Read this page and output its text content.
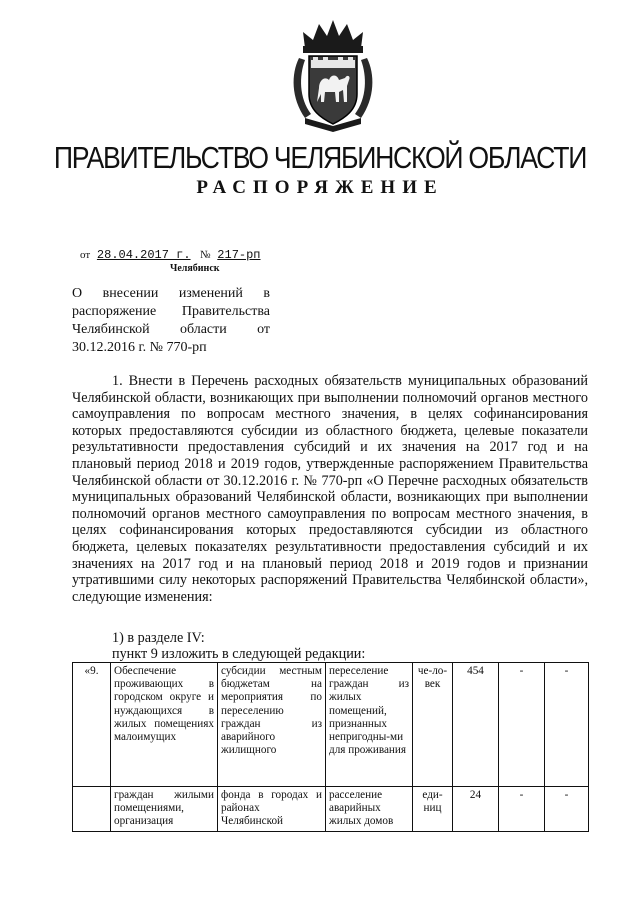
ПРАВИТЕЛЬСТВО ЧЕЛЯБИНСКОЙ ОБЛАСТИ
РАСПОРЯЖЕНИЕ
от 28.04.2017 г. № 217-рп
Челябинск
О внесении изменений в распоряжение Правительства Челябинской области от 30.12.2016 г. № 770-рп

1. Внести в Перечень расходных обязательств муниципальных образований Челябинской области, возникающих при выполнении полномочий органов местного самоуправления по вопросам местного значения, в целях софинансирования которых предоставляются субсидии из областного бюджета, целевые показатели результативности предоставления субсидий и их значения на 2017 год и на плановый период 2018 и 2019 годов, утвержденные распоряжением Правительства Челябинской области от 30.12.2016 г. № 770-рп «О Перечне расходных обязательств муниципальных образований Челябинской области, возникающих при выполнении полномочий органов местного самоуправления по вопросам местного значения, в целях софинансирования которых предоставляются субсидии из областного бюджета, целевых показателях результативности предоставления субсидий и их значениях на 2017 год и на плановый период 2018 и 2019 годов и признании утратившими силу некоторых распоряжений Правительства Челябинской области», следующие изменения:

1) в разделе IV:
пункт 9 изложить в следующей редакции:
«9.	Обеспечение проживающих в городском округе и нуждающихся в жилых помещениях малоимущих	субсидии местным бюджетам на мероприятия по переселению граждан из аварийного жилищного	переселение граждан из жилых помещений, признанных непригодны-ми для проживания	че-ло-век	454	-	-
	граждан жилыми помещениями, организация	фонда в городах и районах Челябинской	расселение аварийных жилых домов	еди-ниц	24	-	-
